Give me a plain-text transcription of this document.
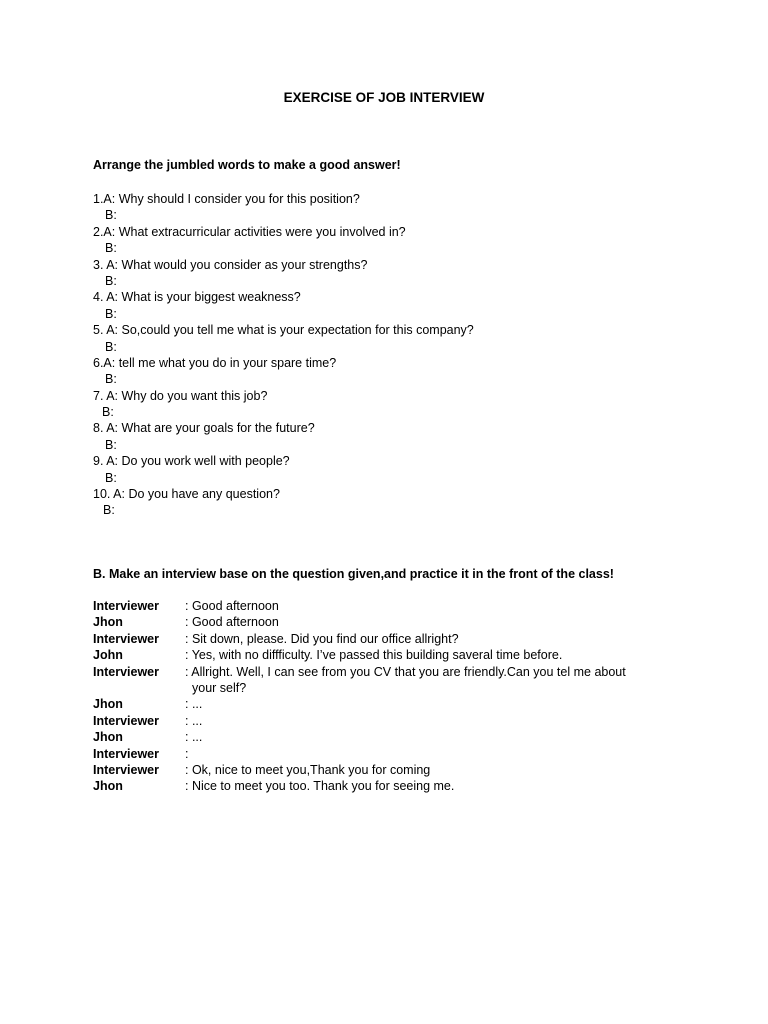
EXERCISE OF JOB INTERVIEW
Arrange the jumbled words to make a good answer!
1.A: Why should I consider you for this position?
B:
2.A: What extracurricular activities were you involved in?
B:
3. A: What would you consider as your strengths?
B:
4. A: What is your biggest weakness?
B:
5. A: So,could you tell me what is your expectation for this company?
B:
6.A: tell me what you do in your spare time?
B:
7. A: Why do you want this job?
B:
8. A: What are your goals for the future?
B:
9. A: Do you work well with people?
B:
10. A: Do you have any question?
B:
B. Make an interview base on the question given,and practice it in the front of the class!
Interviewer	: Good afternoon
Jhon	: Good afternoon
Interviewer	: Sit down, please. Did you find our office allright?
John	: Yes, with no diffficulty. I’ve passed this building saveral time before.
Interviewer	: Allright. Well, I can see from you CV that you are friendly.Can you tel me about
your self?
Jhon	: ...
Interviewer	: ...
Jhon	: ...
Interviewer	:
Interviewer	: Ok, nice to meet you,Thank you for coming
Jhon	: Nice to meet you too. Thank you for seeing me.
